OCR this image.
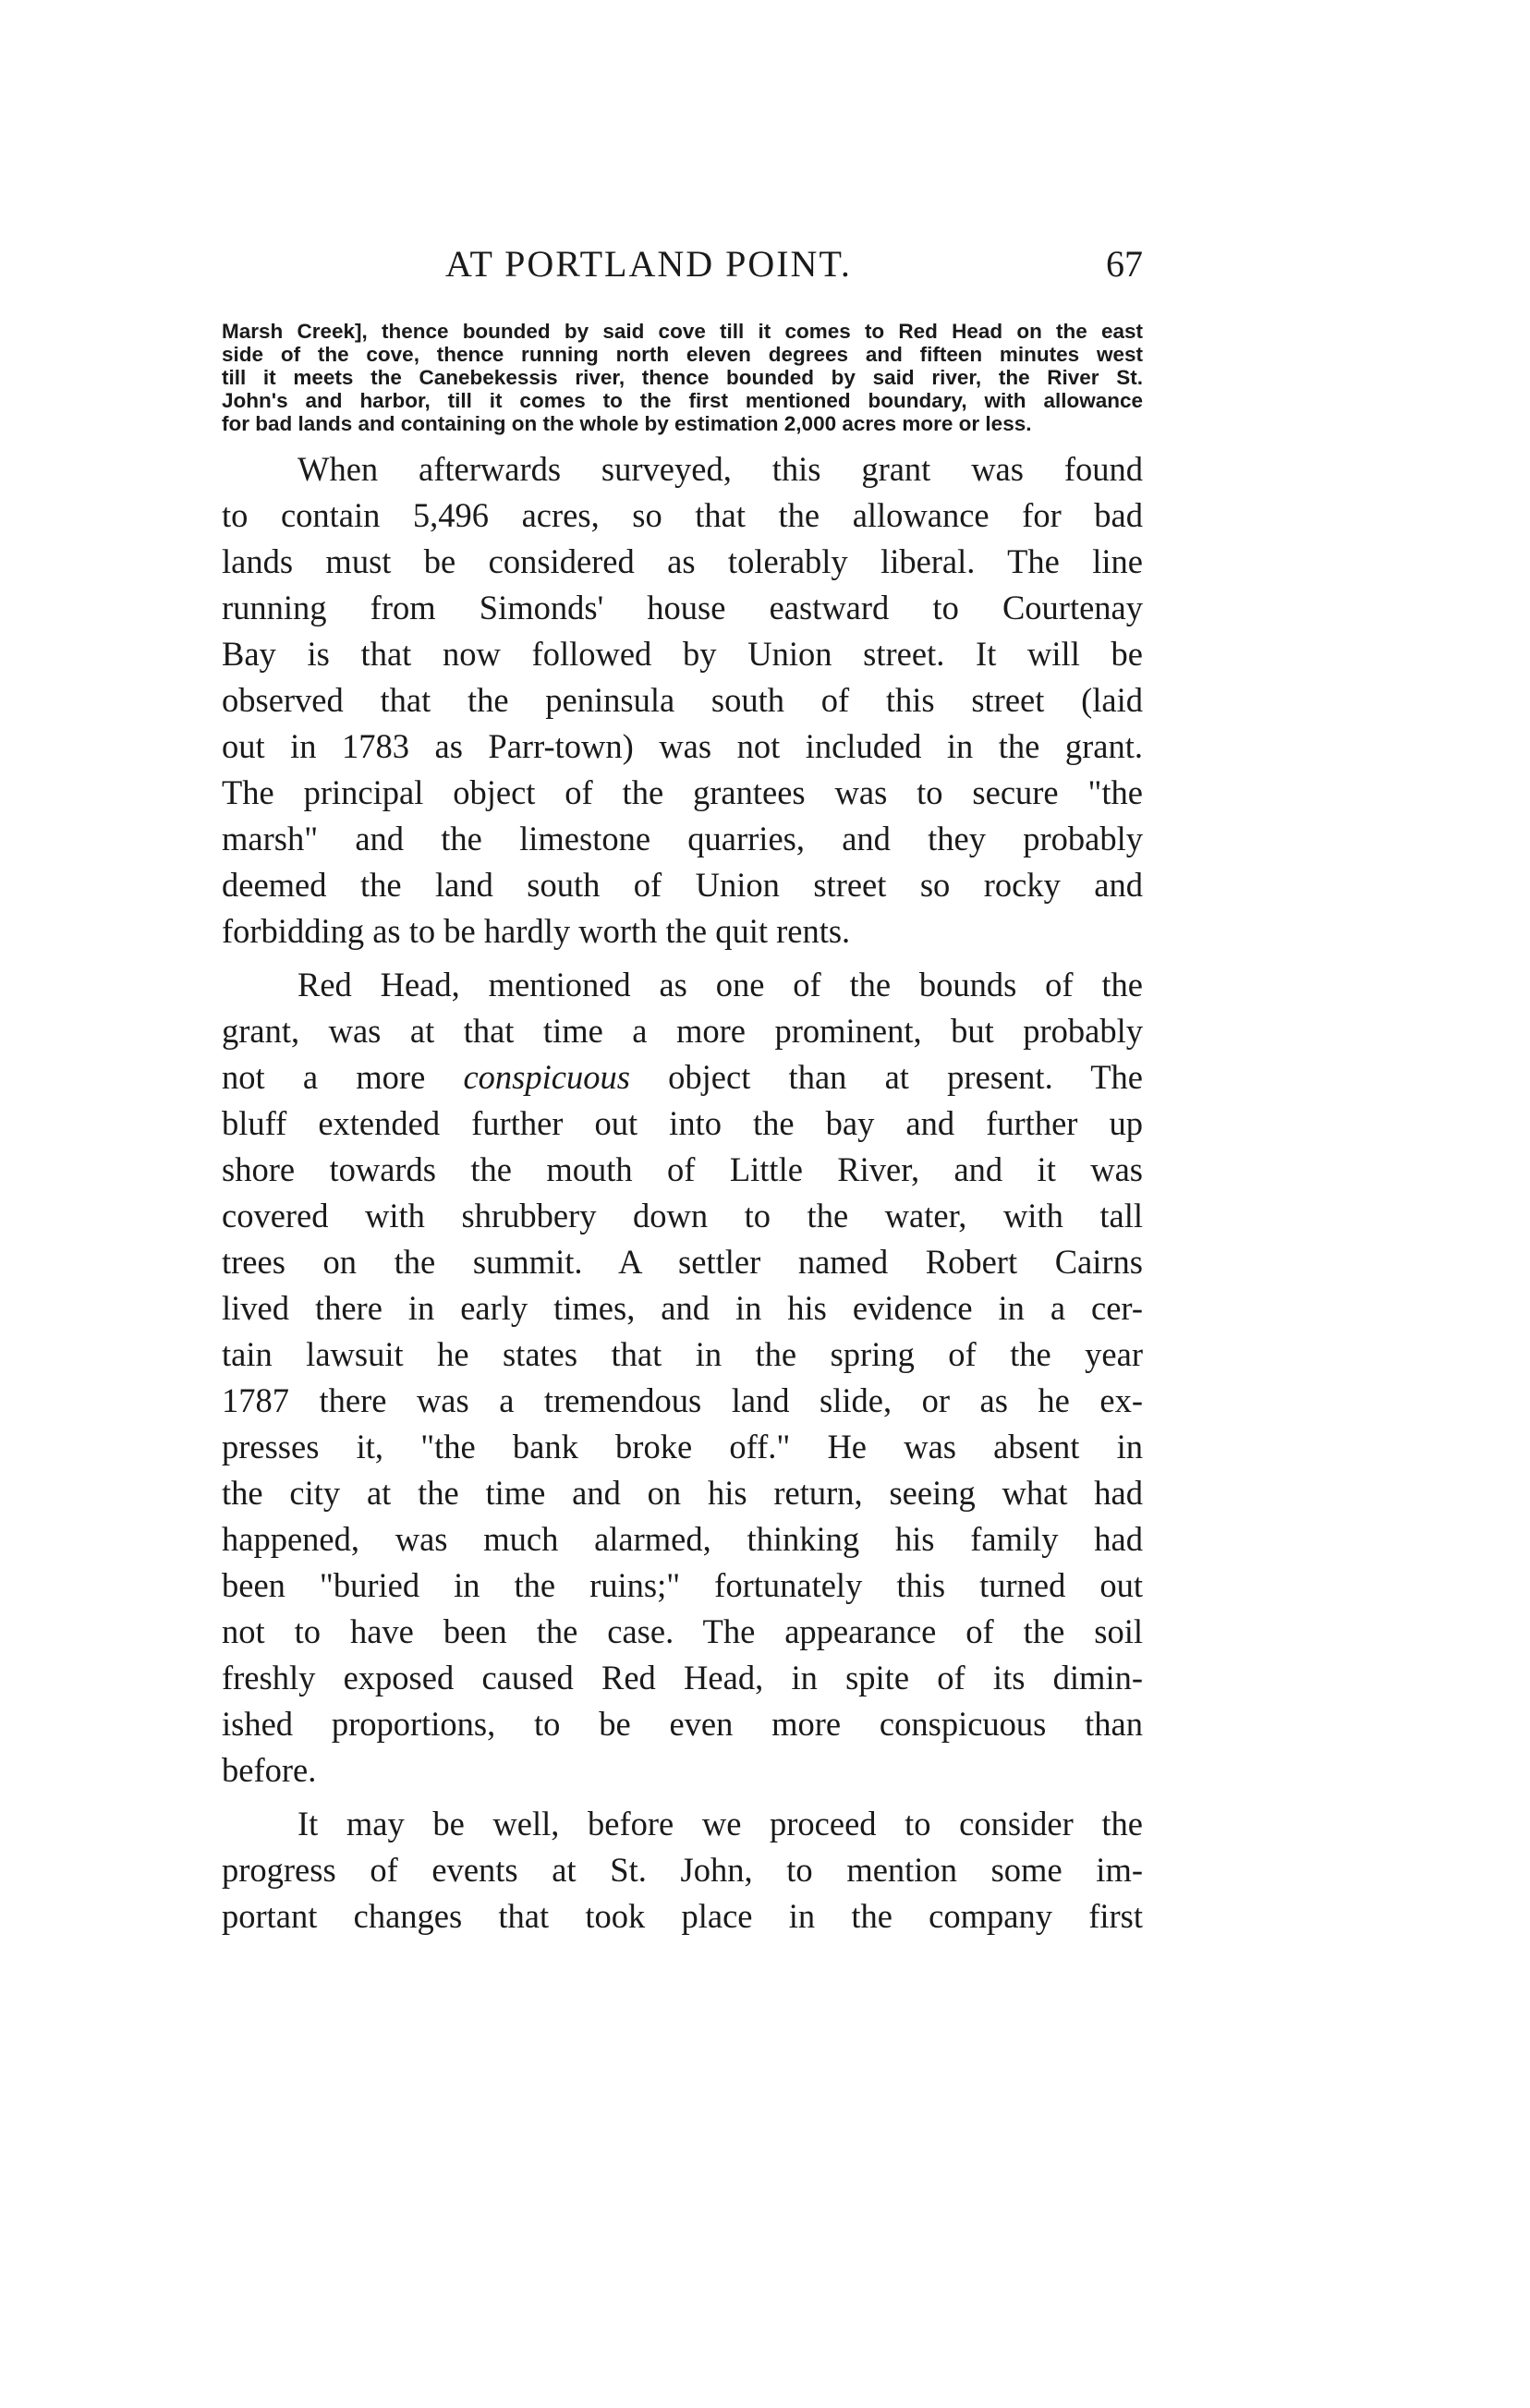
AT PORTLAND POINT.	67
Marsh Creek], thence bounded by said cove till it comes to Red Head on the east
side of the cove, thence running north eleven degrees and fifteen minutes west
till it meets the Canebekessis river, thence bounded by said river, the River St.
John's and harbor, till it comes to the first mentioned boundary, with allowance
for bad lands and containing on the whole by estimation 2,000 acres more or less.
When afterwards surveyed, this grant was found
to contain 5,496 acres, so that the allowance for bad
lands must be considered as tolerably liberal. The line
running from Simonds' house eastward to Courtenay
Bay is that now followed by Union street. It will be
observed that the peninsula south of this street (laid
out in 1783 as Parr-town) was not included in the grant.
The principal object of the grantees was to secure "the
marsh" and the limestone quarries, and they probably
deemed the land south of Union street so rocky and
forbidding as to be hardly worth the quit rents.
Red Head, mentioned as one of the bounds of the
grant, was at that time a more prominent, but probably
not a more conspicuous object than at present. The
bluff extended further out into the bay and further up
shore towards the mouth of Little River, and it was
covered with shrubbery down to the water, with tall
trees on the summit. A settler named Robert Cairns
lived there in early times, and in his evidence in a cer-
tain lawsuit he states that in the spring of the year
1787 there was a tremendous land slide, or as he ex-
presses it, "the bank broke off." He was absent in
the city at the time and on his return, seeing what had
happened, was much alarmed, thinking his family had
been "buried in the ruins;" fortunately this turned out
not to have been the case. The appearance of the soil
freshly exposed caused Red Head, in spite of its dimin-
ished proportions, to be even more conspicuous than
before.
It may be well, before we proceed to consider the
progress of events at St. John, to mention some im-
portant changes that took place in the company first
